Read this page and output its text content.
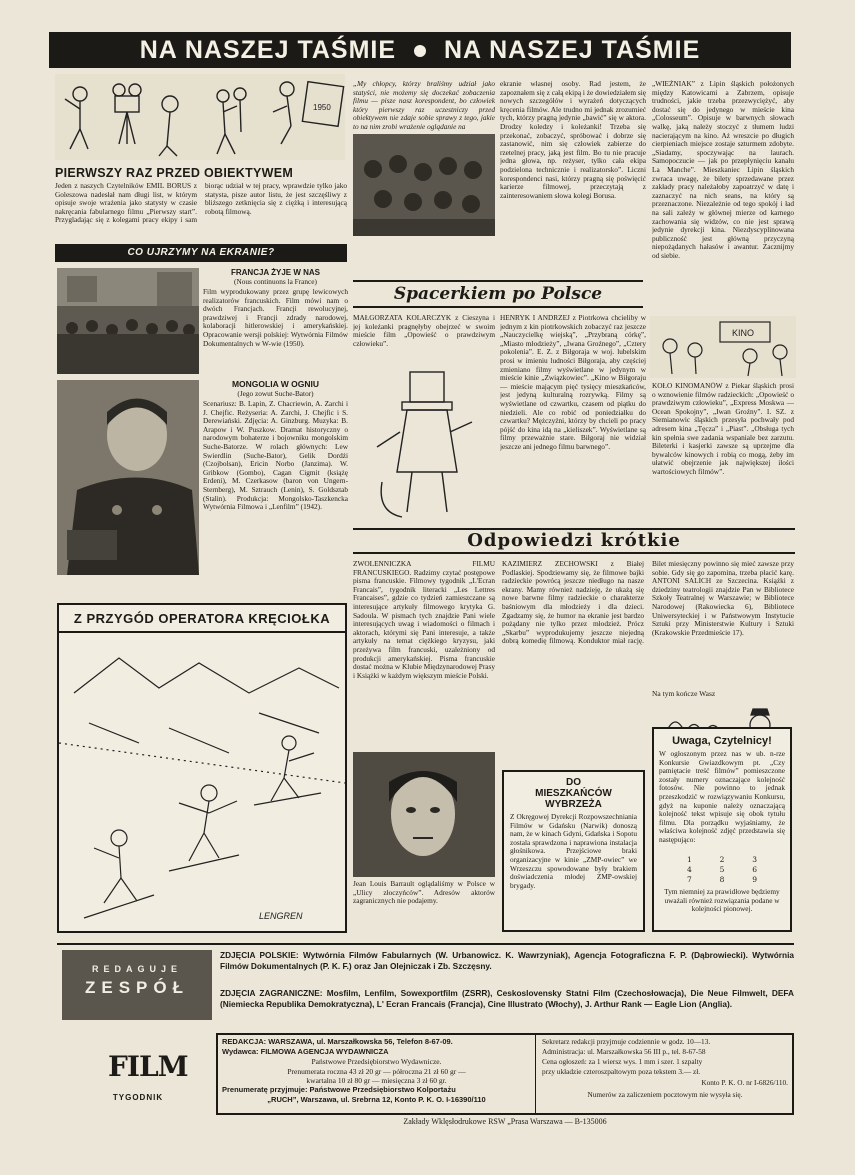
NA NASZEJ TAŚMIE NA NASZEJ TAŚMIE
1950
PIERWSZY RAZ PRZED OBIEKTYWEM
Jeden z naszych Czytelników EMIL BORUS z Goleszowa nadesłał nam długi list, w którym opisuje swoje wrażenia jako statysty w czasie nakręcania fabularnego filmu „Pierwszy start”. Przygladając się z kolegami pracy ekipy i sam biorąc udział w tej pracy, wprawdzie tylko jako statysta, pisze autor listu, że jest szczęśliwy z bliższego zetknięcia się z ciężką i interesującą robotą filmową.
CO UJRZYMY NA EKRANIE?
FRANCJA ŻYJE W NAS
(Nous continuons la France)
Film wyprodukowany przez grupę lewicowych realizatorów francuskich. Film mówi nam o dwóch Francjach. Francji rewolucyjnej, prawdziwej i Francji zdrady narodowej, kolaboracji hitlerowskiej i amerykańskiej. Opracowanie wersji polskiej: Wytwórnia Filmów Dokumentalnych w W-wie (1950).
MONGOLIA W OGNIU
(Jego zowut Suche-Bator)
Scenariusz: B. Lapin, Z. Chacriewin, A. Zarchi i J. Chejfic. Reżyseria: A. Zarchi, J. Chejfic i S. Derewiański. Zdjęcia: A. Ginzburg. Muzyka: B. Arapow i W. Puszkow. Dramat historyczny o narodowym bohaterze i bojowniku mongolskim Suche-Batorze. W rolach głównych: Lew Swierdlin (Suche-Bator), Gelik Dordżi (Czojbolsan), Ericin Norbo (Janzima). W. Gribkow (Gombo), Cagan Cigmit (książę Erdeni), M. Czerkasow (baron von Ungern-Sternberg), M. Sztrauch (Lenin), S. Goldsztab (Stalin). Produkcja: Mongolsko-Taszkencka Wytwórnia Filmowa i „Lenfilm” (1942).
Z PRZYGÓD OPERATORA KRĘCIOŁKA
LENGREN
„My chłopcy, którzy braliśmy udział jako statyści, nie możemy się doczekać zobaczenia filmu — pisze nasz korespondent, bo człowiek który pierwszy raz uczestniczy przed obiektywem nie zdaje sobie sprawy z tego, jakie to na nim zrobi wrażenie oglądanie na
ekranie własnej osoby. Rad jestem, że zapoznałem się z całą ekipą i że dowiedziałem się nowych szczegółów i wyrażeń dotyczących kręcenia filmów. Ale trudno mi jednak zrozumieć tych, którzy pragną jedynie „bawić” się w aktora. Drodzy koledzy i koleżanki! Trzeba się przekonać, zobaczyć, spróbować i dobrze się zastanowić, nim się człowiek zabierze do rzetelnej pracy, jaką jest film. Bo tu nie pracuje jedna głowa, np. reżyser, tylko cała ekipa podzielona technicznie i realizatorsko”. Liczni korespondenci nasi, którzy pragną się poświęcić karierze filmowej, przeczytają z zainteresowaniem słowa kolegi Borusa.
Spacerkiem po Polsce
MAŁGORZATA KOLARCZYK z Cieszyna i jej koleżanki pragnęłyby obejrzeć w swoim mieście film „Opowieść o prawdziwym człowieku”.
HENRYK I ANDRZEJ z Piotrkowa chcieliby w jednym z kin piotrkowskich zobaczyć raz jeszcze „Nauczycielkę wiejską”, „Przybraną córkę”, „Miasto młodzieży”, „Iwana Groźnego”, „Cztery pokolenia”. E. Z. z Biłgoraja w woj. lubelskim prosi w imieniu ludności Biłgoraja, aby częściej zmieniano filmy wyświetlane w jedynym w mieście kinie „Związkowiec”. „Kino w Biłgoraju — mieście mającym pięć tysięcy mieszkańców, jest jedyną kulturalną rozrywką. Filmy są wyświetlane od czwartku, czasem od piątku do niedzieli. Ale co robić od poniedziałku do czwartku? Mężczyźni, którzy by chcieli po pracy pójść do kina idą na „kieliszek”. Wyświetlane są filmy przeważnie stare. Biłgoraj nie widział jeszcze ani jednego filmu barwnego”.
„WIEŹNIAK” z Lipin śląskich położonych między Katowicami a Zabrzem, opisuje trudności, jakie trzeba przezwyciężyć, aby dostać się do jedynego w mieście kina „Colosseum”. Opisuje w barwnych słowach walkę, jaką należy stoczyć z tłumem ludzi nacierającym na kino. Aż wreszcie po długich cierpieniach miejsce zostaje szturmem zdobyte. „Siadamy, spoczywając na laurach. Samopoczucie — jak po przepłynięciu kanału La Manche”. Mieszkaniec Lipin śląskich zwraca uwagę, że bilety sprzedawane przez zakłady pracy należałoby zapoatrzyć w datę i zaznaczyć na nich seans, na który są przeznaczone. Niezależnie od tego spokój i ład na sali zależy w głównej mierze od karnego zachowania się widzów, co nie jest sprawą jedynie dyrekcji kina. Niezdyscyplinowana publiczność jest główną przyczyną niepożądanych hałasów i awantur. Zacznijmy od siebie.
KINO
KOŁO KINOMANÓW z Piekar śląskich prosi o wznowienie filmów radzieckich: „Opowieść o prawdziwym człowieku”, „Express Moskwa — Ocean Spokojny”, „Iwan Groźny”. I. SZ. z Siemianowic śląskich przesyła pochwały pod adresem kina „Tęcza” i „Piast”. „Obsługa tych kin spełnia swe zadania wspaniale bez zarzutu. Bileterki i kasjerki zawsze są uprzejme dla bywalców kinowych i robią co mogą, żeby im ułatwić obejrzenie jak największej ilości wartościowych filmów”.
Odpowiedzi krótkie
ZWOLENNICZKA FILMU FRANCUSKIEGO. Radzimy czytać postępowe pisma francuskie. Filmowy tygodnik „L'Ecran Francais”, tygodnik literacki „Les Lettres Francaises”, gdzie co tydzień zamieszczane są interesujące artykuły filmowego krytyka G. Sadoula. W pismach tych znajdzie Pani wiele interesujących uwag i wiadomości o filmach i aktorach, którymi się Pani interesuje, a także artykuły na temat ciężkiego kryzysu, jaki przeżywa film francuski, uzależniony od produkcji amerykańskiej. Pisma francuskie dostać można w Klubie Międzynarodowej Prasy i Książki w każdym większym mieście Polski.
Jean Louis Barrault oglądaliśmy w Polsce w „Ulicy złoczyńców”. Adresów aktorów zagranicznych nie podajemy.
KAZIMIERZ ZECHOWSKI z Białej Podlaskiej. Spodziewamy się, że filmowe bajki radzieckie powrócą jeszcze niedługo na nasze ekrany. Mamy również nadzieję, że ukażą się nowe barwne filmy radzieckie o charakterze baśniowym dla młodzieży i dla dzieci. Zgadzamy się, że humor na ekranie jest bardzo pożądany nie tylko przez młodzież. Prócz „Skarbu” wyprodukujemy jeszcze niejedną dobrą komedię filmową. Konduktor miał rację. Bilet miesięczny powinno się mieć zawsze przy sobie. Gdy się go zapomina, trzeba płacić karę. ANTONI SALICH ze Szczecina. Książki z dziedziny teatrologii znajdzie Pan w Bibliotece Szkoły Teatralnej w Warszawie; w Bibliotece Narodowej (Rakowiecka 6), Bibliotece Uniwersyteckiej i w Państwowym Instytucie Sztuki przy Ministerstwie Kultury i Sztuki (Krakowskie Przedmieście 17).
Na tym kończe Wasz
DO
MIESZKAŃCÓW
WYBRZEŻA
Z Okręgowej Dyrekcji Rozpowszechniania Filmów w Gdańsku (Narwik) donoszą nam, że w kinach Gdyni, Gdańska i Sopotu zostala sprawdzona i naprawiona instalacja głośnikowa. Przejściowe braki organizacyjne w kinie „ZMP-owiec” we Wrzeszczu spowodowane były brakiem doświadczenia młodej ZMP-owskiej brygady.
Uwaga, Czytelnicy!
W ogłoszonym przez nas w ub. n-rze Konkursie Gwiazdkowym pt. „Czy pamiętacie treść filmów” pomieszczone zostały numery oznaczające kolejność fotosów. Nie powinno to jednak przeszkodzić w rozwiązywaniu Konkursu, gdyż na kuponie należy oznaczającą kolejność tekst wpisuje się obok tytułu filmu. Dla porządku wyjaśniamy, że właściwa kolejność zdjęć przedstawia się następująco:
1	2	3
4	5	6
7	8	9
Tym niemniej za prawidłowe będziemy uważali również rozwiązania podane w kolejności pionowej.
REDAGUJE
ZESPÓŁ
ZDJĘCIA POLSKIE: Wytwórnia Filmów Fabularnych (W. Urbanowicz. K. Wawrzyniak), Agencja Fotograficzna F. P. (Dąbrowiecki). Wytwórnia Filmów Dokumentalnych (P. K. F.) oraz Jan Olejniczak i Zb. Szczęsny.
ZDJĘCIA ZAGRANICZNE: Mosfilm, Lenfilm, Sowexportfilm (ZSRR), Ceskoslovensky Statni Film (Czechosłowacja), Die Neue Filmwelt, DEFA (Niemiecka Republika Demokratyczna), L' Ecran Francais (Francja), Cine Illustrato (Włochy), J. Arthur Rank — Eagle Lion (Anglia).
FILM
TYGODNIK
REDAKCJA: WARSZAWA, ul. Marszałkowska 56, Telefon 8-67-09.
Wydawca: FILMOWA AGENCJA WYDAWNICZA
Państwowe Przedsiębiorstwo Wydawnicze.
Prenumerata roczna 43 zł 20 gr — półroczna 21 zł 60 gr —
kwartalna 10 zł 80 gr — miesięczna 3 zł 60 gr.
Prenumeratę przyjmuje: Państwowe Przedsiębiorstwo Kolportażu
„RUCH”, Warszawa, ul. Srebrna 12, Konto P. K. O. I-16390/110
Sekretarz redakcji przyjmuje codziennie w godz. 10—13.
Administracja: ul. Marszałkowska 56 III p., tel. 8-67-58
Cena ogłoszeń: za 1 wiersz wys. 1 mm i szer. 1 szpalty
przy układzie czteroszpaltowym poza tekstem 3.— zł.
Konto P. K. O. nr I-6826/110.
Numerów za zaliczeniem pocztowym nie wysyła się.
Zakłady Wklęsłodrukowe RSW „Prasa Warszawa — B-135006
